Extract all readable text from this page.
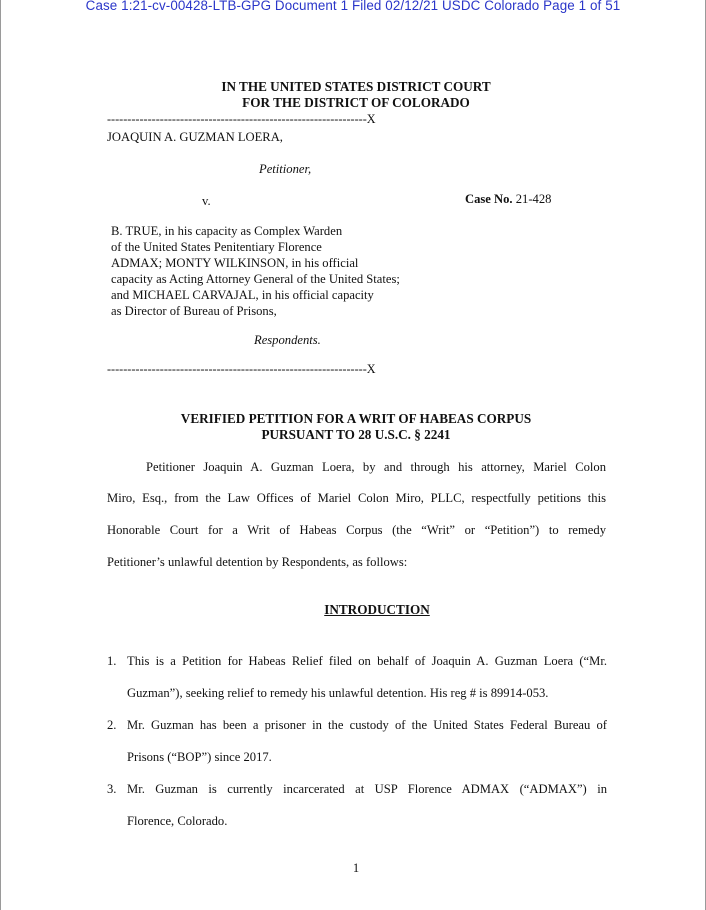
Case 1:21-cv-00428-LTB-GPG Document 1 Filed 02/12/21 USDC Colorado Page 1 of 51
IN THE UNITED STATES DISTRICT COURT
FOR THE DISTRICT OF COLORADO
----------------------------------------------------------------X
JOAQUIN A. GUZMAN LOERA,
Petitioner,
v.	Case No. 21-428
B. TRUE, in his capacity as Complex Warden
of the United States Penitentiary Florence
ADMAX; MONTY WILKINSON, in his official
capacity as Acting Attorney General of the United States;
and MICHAEL CARVAJAL, in his official capacity
as Director of Bureau of Prisons,
Respondents.
----------------------------------------------------------------X
VERIFIED PETITION FOR A WRIT OF HABEAS CORPUS
PURSUANT TO 28 U.S.C. § 2241
Petitioner Joaquin A. Guzman Loera, by and through his attorney, Mariel Colon
Miro, Esq., from the Law Offices of Mariel Colon Miro, PLLC, respectfully petitions this
Honorable Court for a Writ of Habeas Corpus (the “Writ” or “Petition”) to remedy
Petitioner’s unlawful detention by Respondents, as follows:
INTRODUCTION
1. This is a Petition for Habeas Relief filed on behalf of Joaquin A. Guzman Loera (“Mr.
Guzman”), seeking relief to remedy his unlawful detention. His reg # is 89914-053.
2. Mr. Guzman has been a prisoner in the custody of the United States Federal Bureau of
Prisons (“BOP”) since 2017.
3. Mr. Guzman is currently incarcerated at USP Florence ADMAX (“ADMAX”) in
Florence, Colorado.
1
